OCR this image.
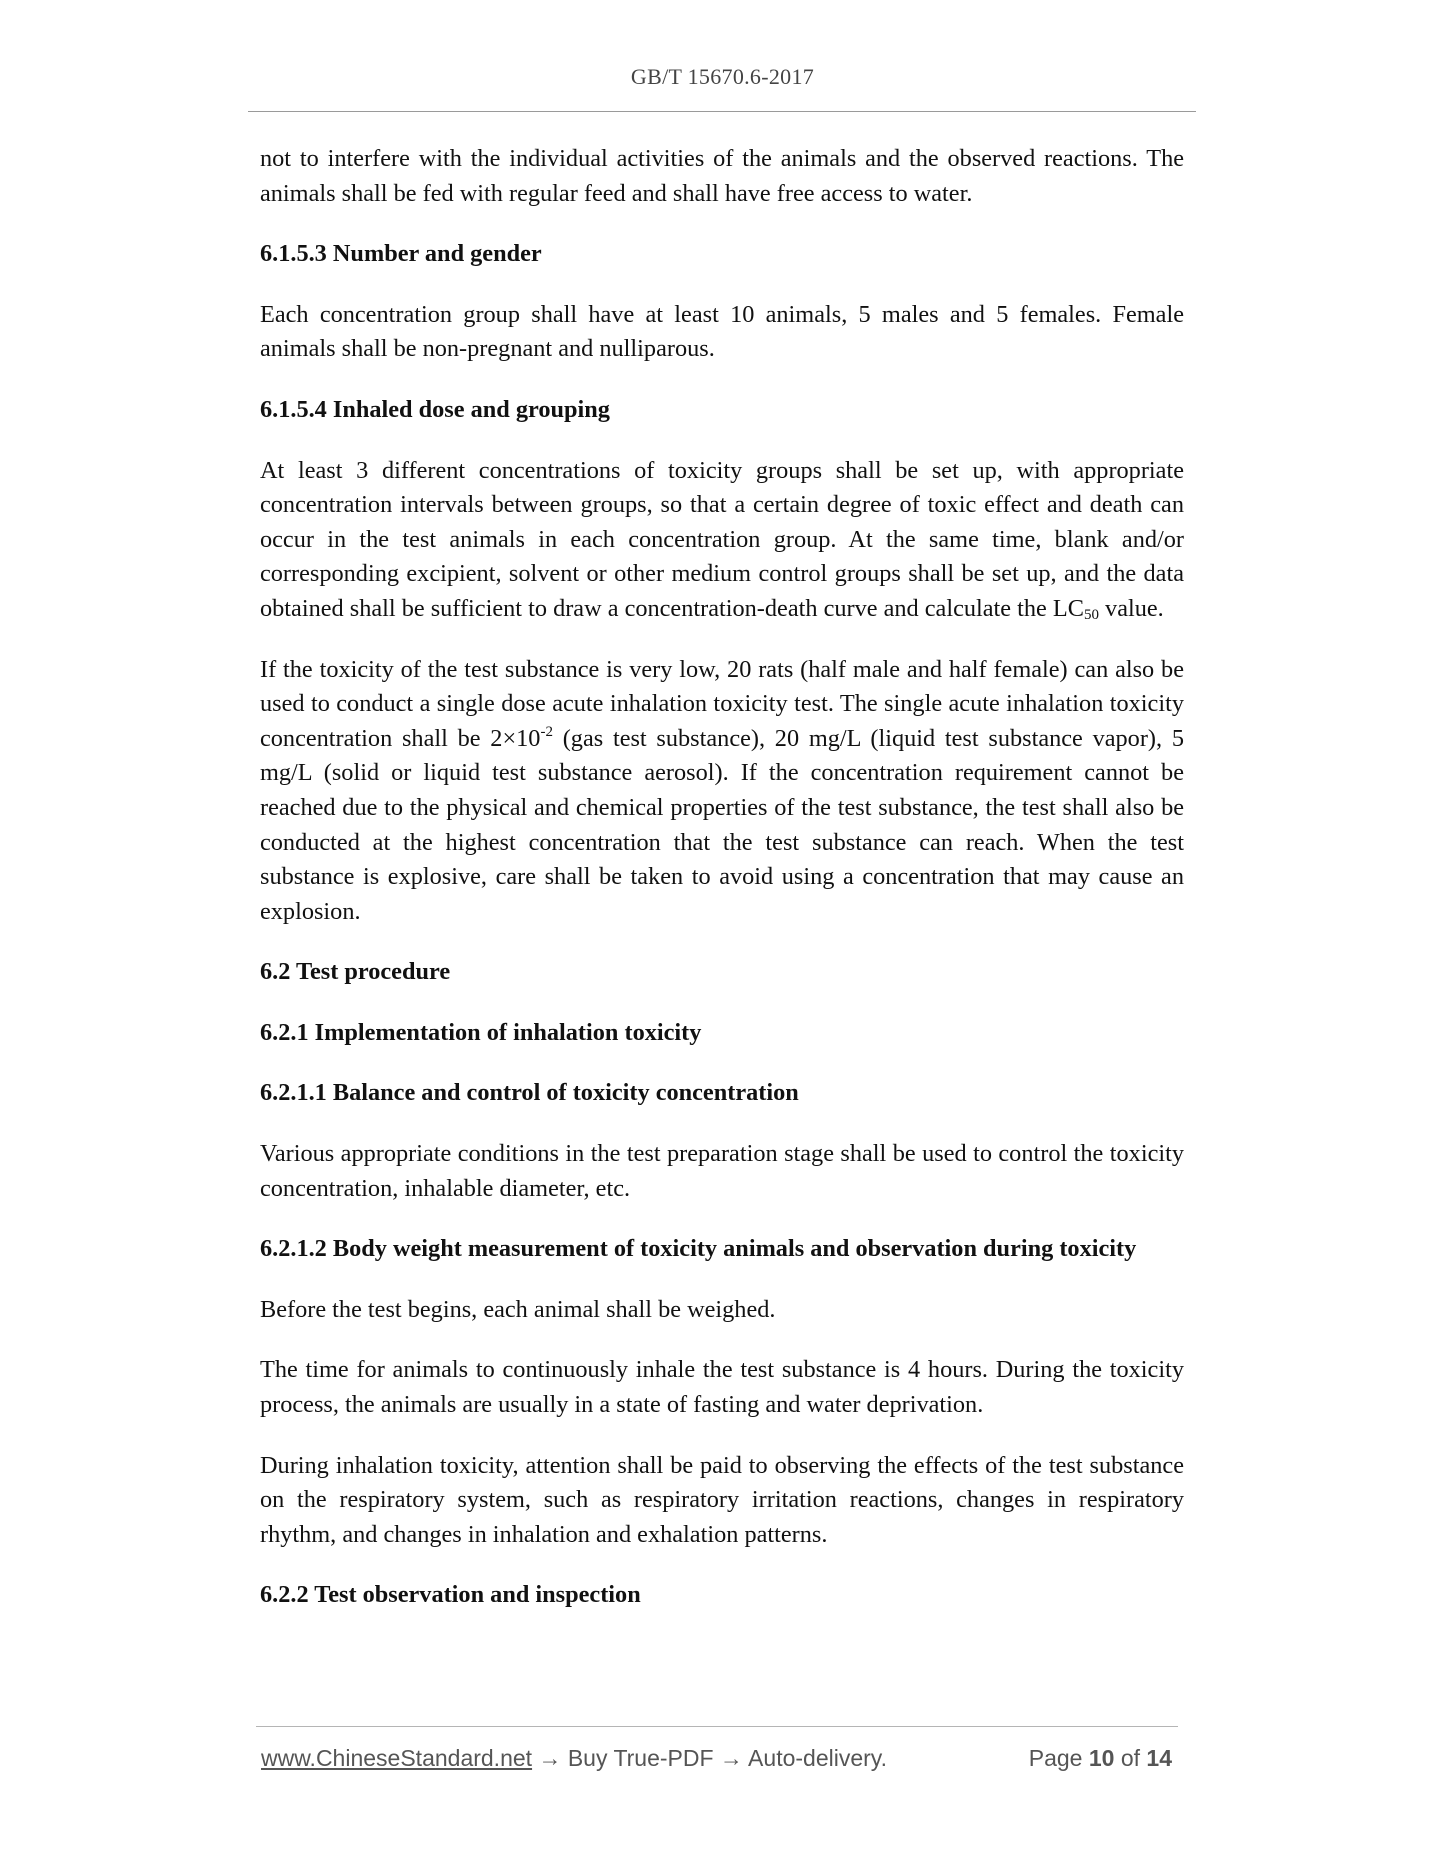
GB/T 15670.6-2017

not to interfere with the individual activities of the animals and the observed reactions. The animals shall be fed with regular feed and shall have free access to water.

6.1.5.3 Number and gender

Each concentration group shall have at least 10 animals, 5 males and 5 females. Female animals shall be non-pregnant and nulliparous.

6.1.5.4 Inhaled dose and grouping

At least 3 different concentrations of toxicity groups shall be set up, with appropriate concentration intervals between groups, so that a certain degree of toxic effect and death can occur in the test animals in each concentration group. At the same time, blank and/or corresponding excipient, solvent or other medium control groups shall be set up, and the data obtained shall be sufficient to draw a concentration-death curve and calculate the $LC_{50}$ value.

If the toxicity of the test substance is very low, 20 rats (half male and half female) can also be used to conduct a single dose acute inhalation toxicity test. The single acute inhalation toxicity concentration shall be $2\times 10^{-2}$ (gas test substance), 20 mg/L (liquid test substance vapor), 5 mg/L (solid or liquid test substance aerosol). If the concentration requirement cannot be reached due to the physical and chemical properties of the test substance, the test shall also be conducted at the highest concentration that the test substance can reach. When the test substance is explosive, care shall be taken to avoid using a concentration that may cause an explosion.

6.2 Test procedure
6.2.1 Implementation of inhalation toxicity
6.2.1.1 Balance and control of toxicity concentration

Various appropriate conditions in the test preparation stage shall be used to control the toxicity concentration, inhalable diameter, etc.

6.2.1.2 Body weight measurement of toxicity animals and observation during toxicity

Before the test begins, each animal shall be weighed.

The time for animals to continuously inhale the test substance is 4 hours. During the toxicity process, the animals are usually in a state of fasting and water deprivation.

During inhalation toxicity, attention shall be paid to observing the effects of the test substance on the respiratory system, such as respiratory irritation reactions, changes in respiratory rhythm, and changes in inhalation and exhalation patterns.

6.2.2 Test observation and inspection
www.ChineseStandard.net → Buy True-PDF → Auto-delivery.	Page 10 of 14
